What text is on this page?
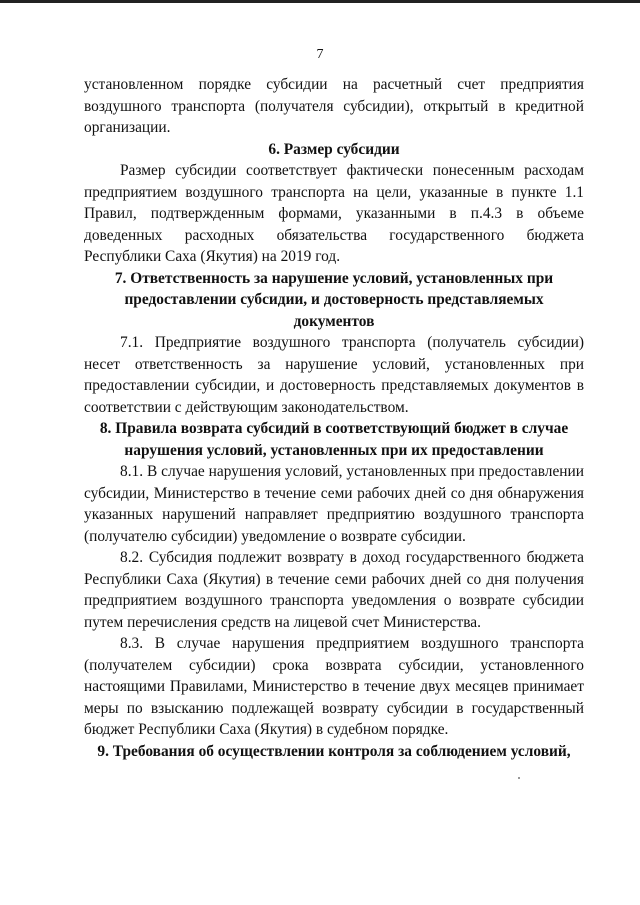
7

установленном порядке субсидии на расчетный счет предприятия воздушного транспорта (получателя субсидии), открытый в кредитной организации.

6. Размер субсидии

Размер субсидии соответствует фактически понесенным расходам предприятием воздушного транспорта на цели, указанные в пункте 1.1 Правил, подтвержденным формами, указанными в п.4.3 в объеме доведенных расходных обязательства государственного бюджета Республики Саха (Якутия) на 2019 год.

7. Ответственность за нарушение условий, установленных при предоставлении субсидии, и достоверность представляемых документов

7.1. Предприятие воздушного транспорта (получатель субсидии) несет ответственность за нарушение условий, установленных при предоставлении субсидии, и достоверность представляемых документов в соответствии с действующим законодательством.

8. Правила возврата субсидий в соответствующий бюджет в случае нарушения условий, установленных при их предоставлении

8.1. В случае нарушения условий, установленных при предоставлении субсидии, Министерство в течение семи рабочих дней со дня обнаружения указанных нарушений направляет предприятию воздушного транспорта (получателю субсидии) уведомление о возврате субсидии.

8.2. Субсидия подлежит возврату в доход государственного бюджета Республики Саха (Якутия) в течение семи рабочих дней со дня получения предприятием воздушного транспорта уведомления о возврате субсидии путем перечисления средств на лицевой счет Министерства.

8.3. В случае нарушения предприятием воздушного транспорта (получателем субсидии) срока возврата субсидии, установленного настоящими Правилами, Министерство в течение двух месяцев принимает меры по взысканию подлежащей возврату субсидии в государственный бюджет Республики Саха (Якутия) в судебном порядке.

9. Требования об осуществлении контроля за соблюдением условий,
